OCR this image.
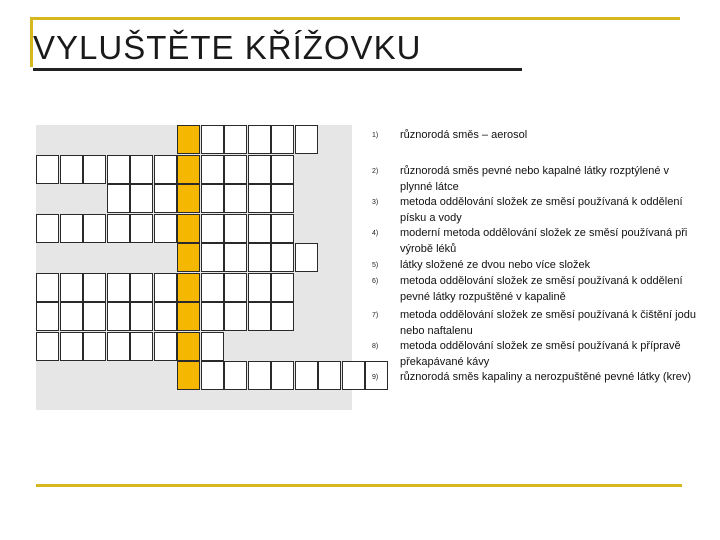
VYLUŠTĚTE KŘÍŽOVKU
1) různorodá směs – aerosol
2) různorodá směs pevné nebo kapalné látky rozptýlené v plynné látce
3) metoda oddělování složek ze směsí používaná k oddělení písku a vody
4) moderní metoda oddělování složek ze směsí používaná při výrobě léků
5) látky složené ze dvou nebo více složek
6) metoda oddělování složek ze směsí používaná k oddělení pevné látky rozpuštěné v kapalině
7) metoda oddělování složek ze směsí používaná k čištění jodu nebo naftalenu
8) metoda oddělování složek ze směsí používaná k přípravě překapávané kávy
9) různorodá směs kapaliny a nerozpuštěné pevné látky (krev)
